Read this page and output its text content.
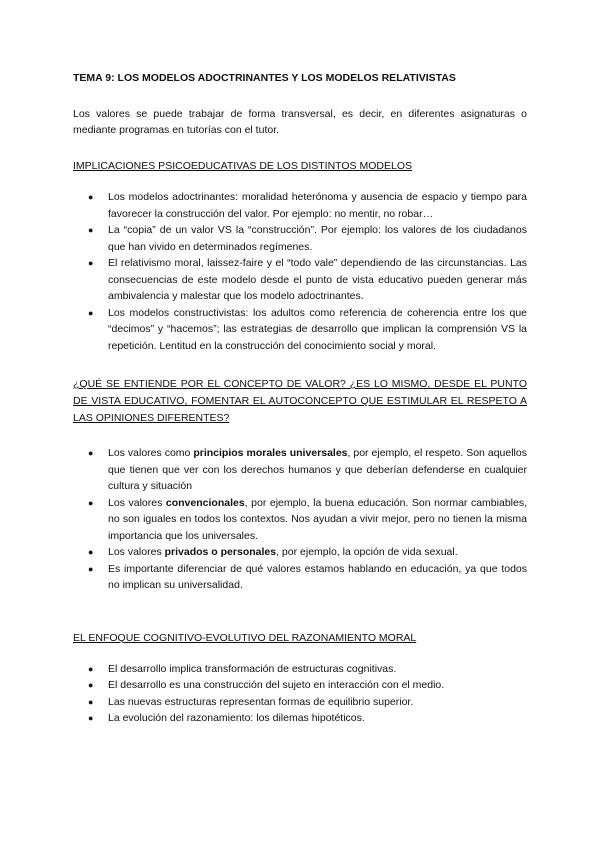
TEMA 9: LOS MODELOS ADOCTRINANTES Y LOS MODELOS RELATIVISTAS

Los valores se puede trabajar de forma transversal, es decir, en diferentes asignaturas o mediante programas en tutorías con el tutor.

IMPLICACIONES PSICOEDUCATIVAS DE LOS DISTINTOS MODELOS
● Los modelos adoctrinantes: moralidad heterónoma y ausencia de espacio y tiempo para favorecer la construcción del valor. Por ejemplo: no mentir, no robar…
● La “copia” de un valor VS la “construcción”. Por ejemplo: los valores de los ciudadanos que han vivido en determinados regímenes.
● El relativismo moral, laissez-faire y el “todo vale” dependiendo de las circunstancias. Las consecuencias de este modelo desde el punto de vista educativo pueden generar más ambivalencia y malestar que los modelo adoctrinantes.
● Los modelos constructivistas: los adultos como referencia de coherencia entre los que “decimos” y “hacemos”; las estrategias de desarrollo que implican la comprensión VS la repetición. Lentitud en la construcción del conocimiento social y moral.
¿QUÉ SE ENTIENDE POR EL CONCEPTO DE VALOR? ¿ES LO MISMO, DESDE EL PUNTO DE VISTA EDUCATIVO, FOMENTAR EL AUTOCONCEPTO QUE ESTIMULAR EL RESPETO A LAS OPINIONES DIFERENTES?
● Los valores como principios morales universales, por ejemplo, el respeto. Son aquellos que tienen que ver con los derechos humanos y que deberían defenderse en cualquier cultura y situación
● Los valores convencionales, por ejemplo, la buena educación. Son normar cambiables, no son iguales en todos los contextos. Nos ayudan a vivir mejor, pero no tienen la misma importancia que los universales.
● Los valores privados o personales, por ejemplo, la opción de vida sexual.
● Es importante diferenciar de qué valores estamos hablando en educación, ya que todos no implican su universalidad.
EL ENFOQUE COGNITIVO-EVOLUTIVO DEL RAZONAMIENTO MORAL
● El desarrollo implica transformación de estructuras cognitivas.
● El desarrollo es una construcción del sujeto en interacción con el medio.
● Las nuevas estructuras representan formas de equilibrio superior.
● La evolución del razonamiento: los dilemas hipotéticos.
